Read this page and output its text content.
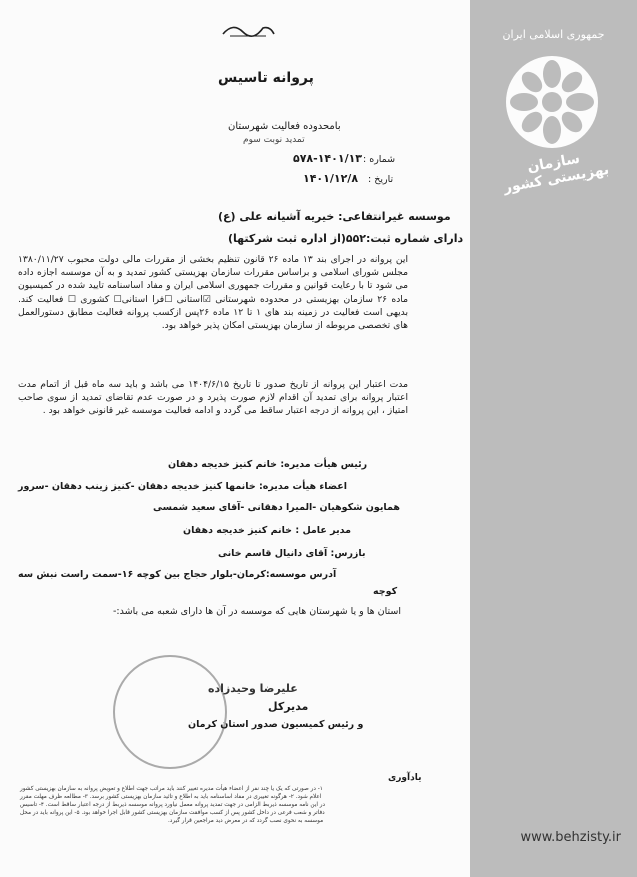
جمهوری اسلامی ایران
سازمان بهزیستی کشور
www.behzisty.ir
پروانه تاسیس
بامحدوده فعالیت شهرستان
تمدید نوبت سوم
شماره :
۵۷۸-۱۴۰۱/۱۳
تاریخ :
۱۴۰۱/۱۲/۸
موسسه غیرانتفاعی: خیریه آشیانه علی (ع)
دارای شماره ثبت:۵۵۲(از اداره ثبت شرکتها)
این پروانه در اجرای بند ۱۳ ماده ۲۶ قانون تنظیم بخشی از مقررات مالی دولت محبوب ۱۳۸۰/۱۱/۲۷ مجلس شورای اسلامی و براساس مقررات سازمان بهزیستی کشور تمدید و به آن موسسه اجازه داده می شود تا با رعایت قوانین و مقررات جمهوری اسلامی ایران و مفاد اساسنامه تایید شده در کمیسیون ماده ۲۶ سازمان بهزیستی در محدوده شهرستانی ☑استانی ☐فرا استانی☐ کشوری ☐ فعالیت کند. بدیهی است فعالیت در زمینه بند های ۱ تا ۱۲ ماده ۲۶پس ازکسب پروانه فعالیت مطابق دستورالعمل های تخصصی مربوطه از سازمان بهزیستی امکان پذیر خواهد بود.
مدت اعتبار این پروانه از تاریخ صدور تا تاریخ ۱۴۰۴/۶/۱۵ می باشد و باید سه ماه قبل از اتمام مدت اعتبار پروانه برای تمدید آن اقدام لازم صورت پذیرد و در صورت عدم تقاضای تمدید از سوی صاحب امتیاز ، این پروانه از درجه اعتبار ساقط می گردد و ادامه فعالیت موسسه غیر قانونی خواهد بود .
رئیس هیأت مدیره: خانم کنیز خدیجه دهقان
اعضاء هیأت مدیره: خانمها کنیز خدیجه دهقان -کنیز زینب دهقان -سرور
همایون شکوهیان -المیرا دهقانی -آقای سعید شمسی
مدیر عامل : خانم کنیز خدیجه دهقان
بازرس: آقای دانیال قاسم خانی
آدرس موسسه:کرمان-بلوار حجاج بین کوچه ۱۶-سمت راست نبش سه
کوچه
استان ها و یا شهرستان هایی که موسسه در آن ها دارای شعبه می باشد:-
علیرضا وحیدزاده
مدیرکل
و رئیس کمیسیون صدور استان کرمان
یادآوری
۱- در صورتی که یک یا چند نفر از اعضاء هیأت مدیره تغییر کنند باید مراتب جهت اطلاع و تعویض پروانه به سازمان بهزیستی کشور
اعلام شود. ۲- هرگونه تغییری در مفاد اساسنامه باید به اطلاع و تائید سازمان بهزیستی کشور برسد. ۳- مطالعه ظرف مهلت مقرر
در این نامه موسسه ذیربط الزامی در جهت تمدید پروانه معمل نیاورد پروانه موسسه ذیربط از درجه اعتبار ساقط است. ۴- تاسیس
دفاتر و شعب فرعی در داخل کشور پس از کسب موافقت سازمان بهزیستی کشور قابل اجرا خواهد بود. ۵- این پروانه باید در محل
موسسه به نحوی نصب گردد که در معرض دید مراجعین قرار گیرد.
